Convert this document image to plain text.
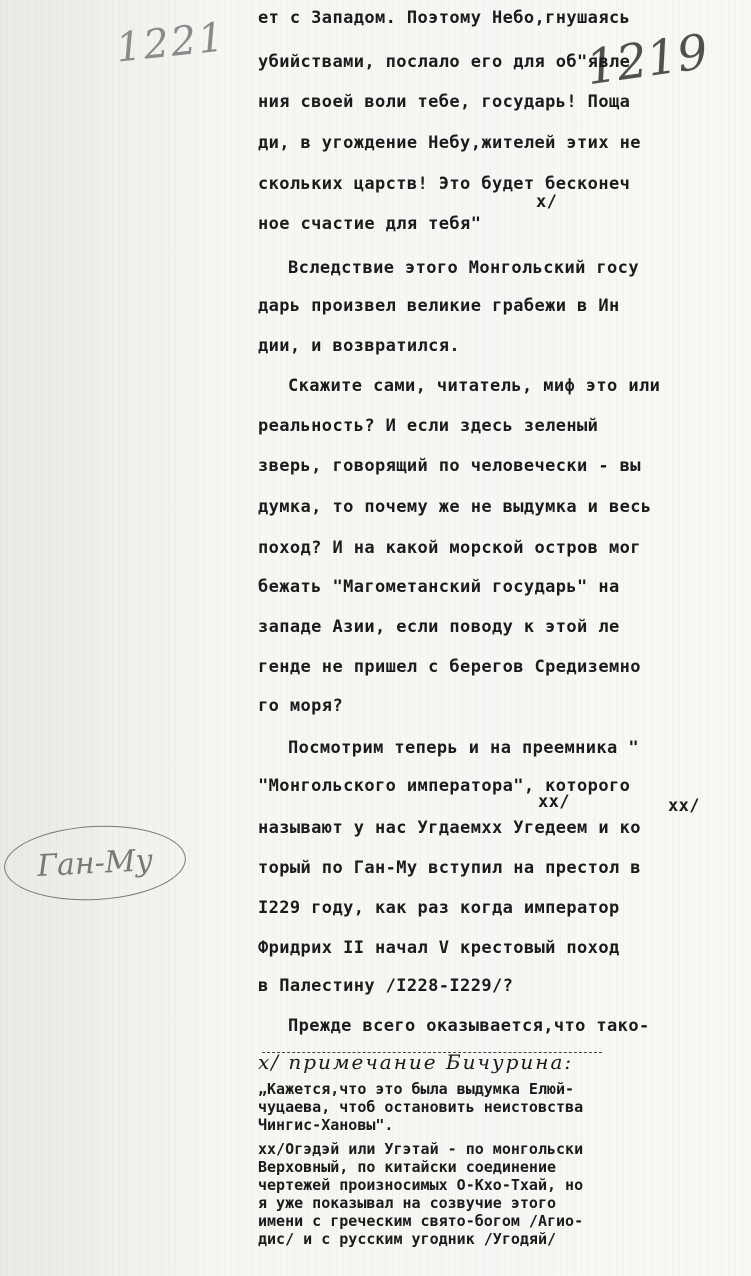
1221	1219
Ган-Му
ет с Западом. Поэтому Небо,гнушаясь
убийствами, послало его для об"явле
ния своей воли тебе, государь! Поща
ди, в угождение Небу,жителей этих не
скольких царств! Это будет бесконеч
x/
ное счастие для тебя"
Вследствие этого Монгольский госу
дарь произвел великие грабежи в Ин
дии, и возвратился.
Скажите сами, читатель, миф это или
реальность? И если здесь зеленый
зверь, говорящий по человечески - вы
думка, то почему же не выдумка и весь
поход? И на какой морской остров мог
бежать "Магометанский государь" на
западе Азии, если поводу к этой ле
генде не пришел с берегов Средиземно
го моря?
Посмотрим теперь и на преемника "
"Монгольского императора", которого
xx/	xx/
называют у нас Угдаемxx Угедеем и ко
торый по Ган-Му вступил на престол в
I229 году, как раз когда император
Фридрих II начал V крестовый поход
в Палестину /I228-I229/?
Прежде всего оказывается,что тако-
x/ примечание Бичурина:
„Кажется,что это была выдумка Елюй-
чуцаева, чтоб остановить неистовства
Чингис-Хановы".
xx/Огэдэй или Угэтай - по монгольски
Верховный, по китайски соединение
чертежей произносимых О-Кхо-Тхай, но
я уже показывал на созвучие этого
имени с греческим свято-богом /Агио-
дис/ и с русским угодник /Угодяй/
